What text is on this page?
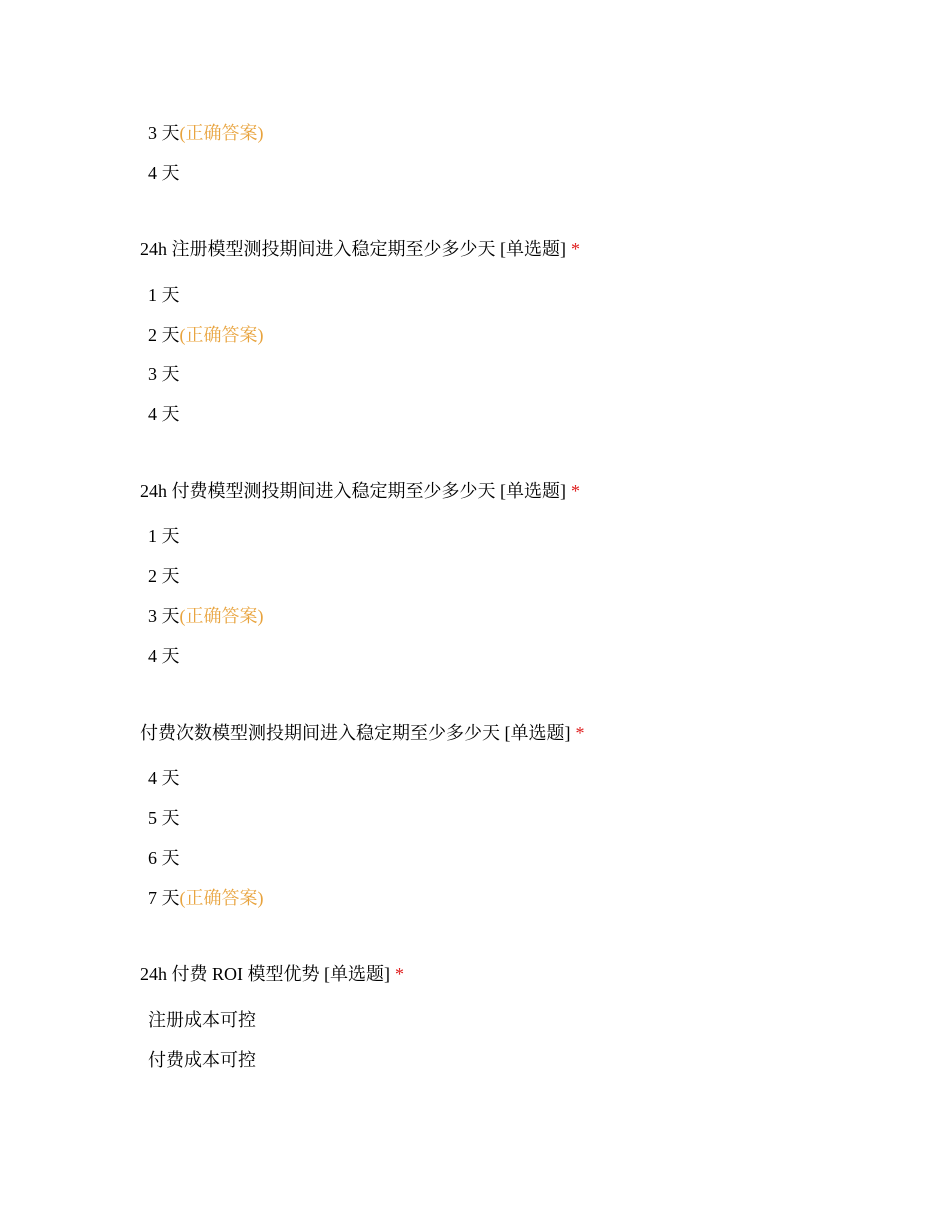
3 天(正确答案)
4 天
24h 注册模型测投期间进入稳定期至少多少天 [单选题] *
1 天
2 天(正确答案)
3 天
4 天
24h 付费模型测投期间进入稳定期至少多少天 [单选题] *
1 天
2 天
3 天(正确答案)
4 天
付费次数模型测投期间进入稳定期至少多少天 [单选题] *
4 天
5 天
6 天
7 天(正确答案)
24h 付费 ROI 模型优势 [单选题] *
注册成本可控
付费成本可控
